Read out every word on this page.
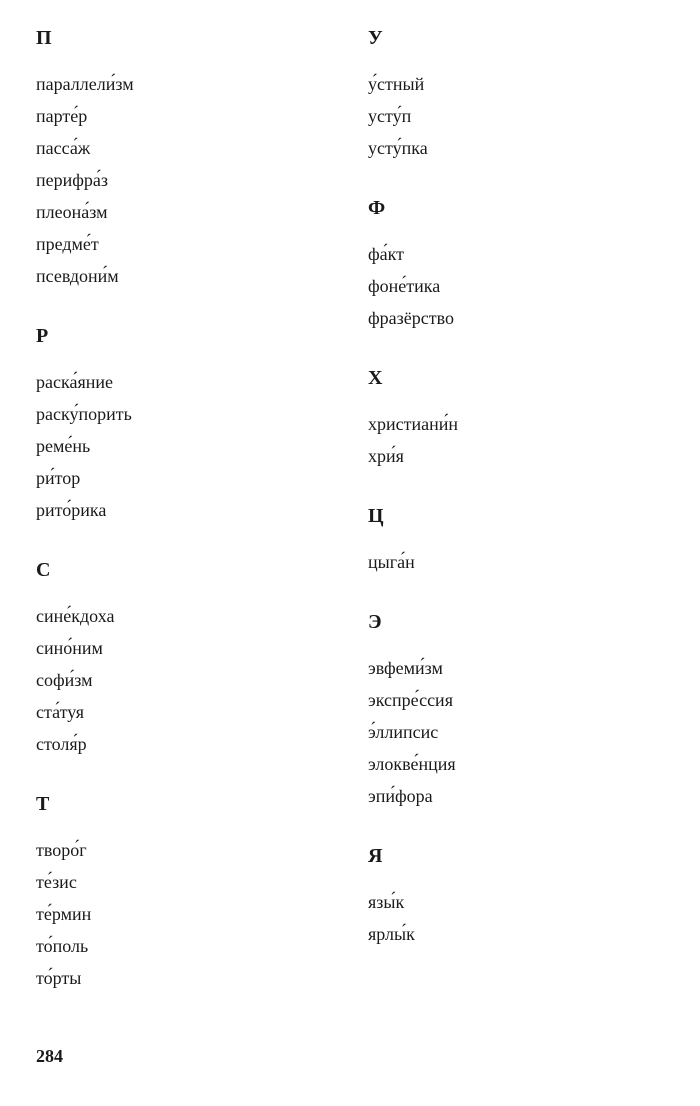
П
параллели́зм
парте́р
пасса́ж
перифра́з
плеона́зм
предме́т
псевдони́м
Р
раска́яние
раску́порить
реме́нь
ри́тор
рито́рика
С
сине́кдоха
сино́ним
софи́зм
ста́туя
столя́р
Т
творо́г
те́зис
те́рмин
то́поль
то́рты
У
у́стный
усту́п
усту́пка
Ф
фа́кт
фоне́тика
фразёрство
Х
христиани́н
хри́я
Ц
цыга́н
Э
эвфеми́зм
экспре́ссия
э́ллипсис
элокве́нция
эпи́фора
Я
язы́к
ярлы́к
284
